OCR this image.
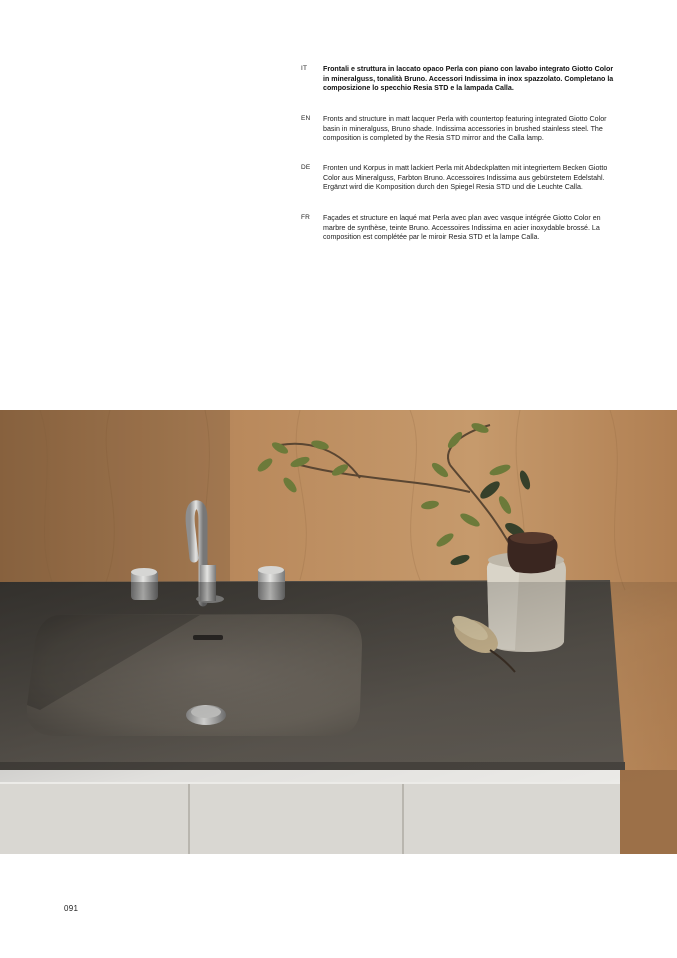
IT Frontali e struttura in laccato opaco Perla con piano con lavabo integrato Giotto Color in mineralguss, tonalità Bruno. Accessori Indissima in inox spazzolato. Completano la composizione lo specchio Resia STD e la lampada Calla.
EN Fronts and structure in matt lacquer Perla with countertop featuring integrated Giotto Color basin in mineralguss, Bruno shade. Indissima accessories in brushed stainless steel. The composition is completed by the Resia STD mirror and the Calla lamp.
DE Fronten und Korpus in matt lackiert Perla mit Abdeckplatten mit integriertem Becken Giotto Color aus Mineralguss, Farbton Bruno. Accessoires Indissima aus gebürstetem Edelstahl. Ergänzt wird die Komposition durch den Spiegel Resia STD und die Leuchte Calla.
FR Façades et structure en laqué mat Perla avec plan avec vasque intégrée Giotto Color en marbre de synthèse, teinte Bruno. Accessoires Indissima en acier inoxydable brossé. La composition est complétée par le miroir Resia STD et la lampe Calla.
091
